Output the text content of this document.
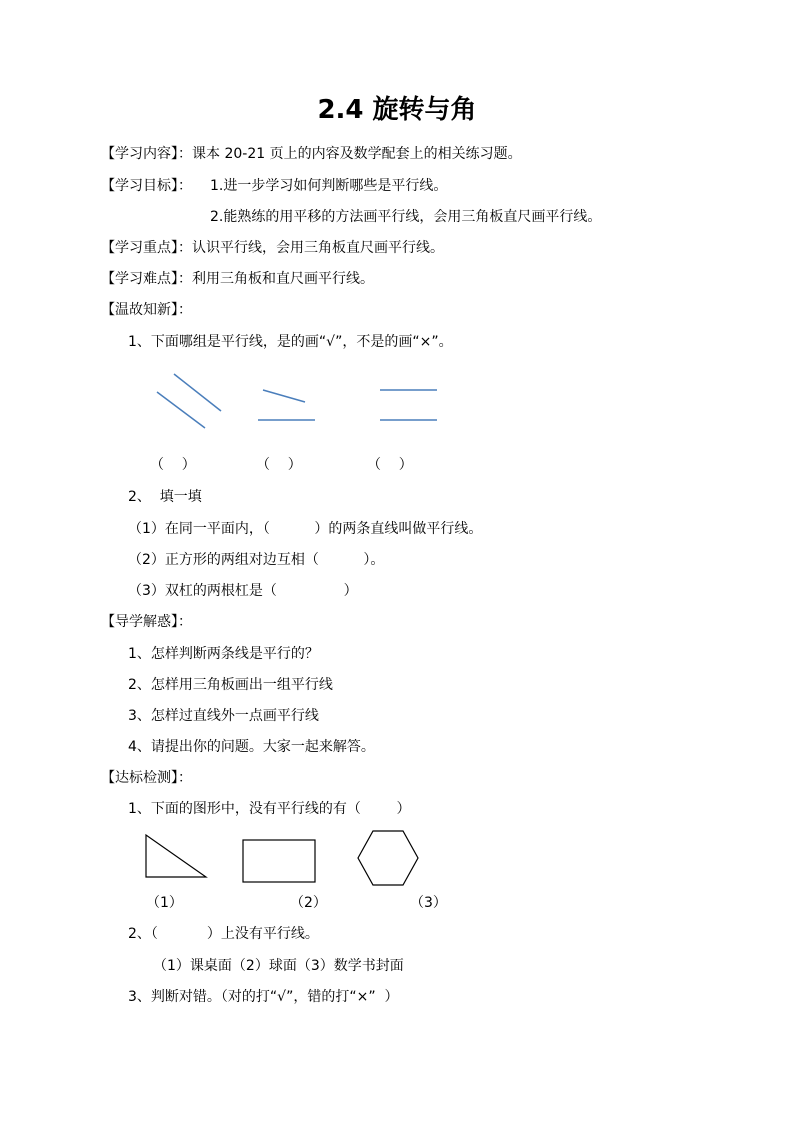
2.4 旋转与角
【学习内容】：课本 20-21 页上的内容及数学配套上的相关练习题。
【学习目标】： 1.进一步学习如何判断哪些是平行线。
2.能熟练的用平移的方法画平行线，会用三角板直尺画平行线。
【学习重点】：认识平行线，会用三角板直尺画平行线。
【学习难点】：利用三角板和直尺画平行线。
【温故知新】：
1、下面哪组是平行线，是的画“√”，不是的画“×”。
（    ）	（    ）	（    ）
2、  填一填
（1）在同一平面内，（          ）的两条直线叫做平行线。
（2）正方形的两组对边互相（          ）。
（3）双杠的两根杠是（               ）
【导学解惑】：
1、怎样判断两条线是平行的？
2、怎样用三角板画出一组平行线
3、怎样过直线外一点画平行线
4、请提出你的问题。大家一起来解答。
【达标检测】：
1、下面的图形中，没有平行线的有（        ）
（1）	（2）	（3）
2、（           ）上没有平行线。
（1）课桌面（2）球面（3）数学书封面
3、判断对错。（对的打“√”，错的打“×”  ）
